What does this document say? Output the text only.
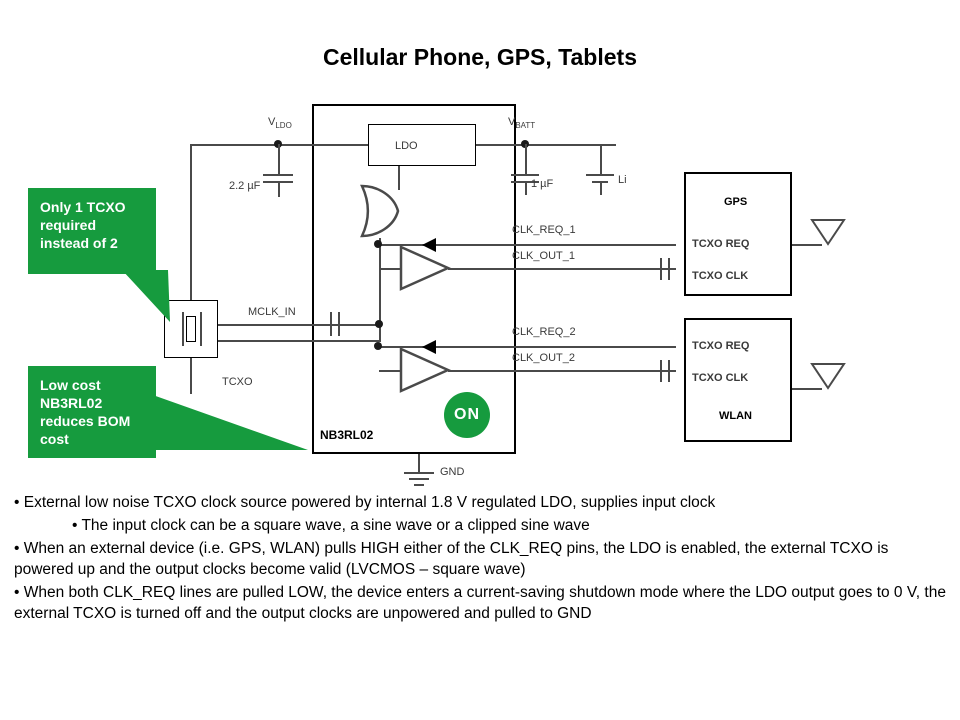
Cellular Phone, GPS, Tablets
NB3RL02
ON
LDO
2.2 µF
$V_{LDO}$	$V_{BATT}$
1 µF	Li
MCLK_IN
TCXO
CLK_REQ_1
CLK_OUT_1
CLK_REQ_2
CLK_OUT_2
GND
GPS
TCXO REQ
TCXO CLK
TCXO REQ
TCXO CLK
WLAN
Only 1 TCXO required instead of 2
Low cost NB3RL02 reduces BOM cost

• External low noise TCXO clock source powered by internal 1.8 V regulated LDO, supplies input clock

• The input clock can be a square wave, a sine wave or a clipped sine wave

• When an external device (i.e. GPS, WLAN) pulls HIGH either of the CLK_REQ pins, the LDO is enabled, the external TCXO is powered up and the output clocks become valid (LVCMOS – square wave)

• When both CLK_REQ lines are pulled LOW, the device enters a current-saving shutdown mode where the LDO output goes to 0 V, the external TCXO is turned off and the output clocks are unpowered and pulled to GND
